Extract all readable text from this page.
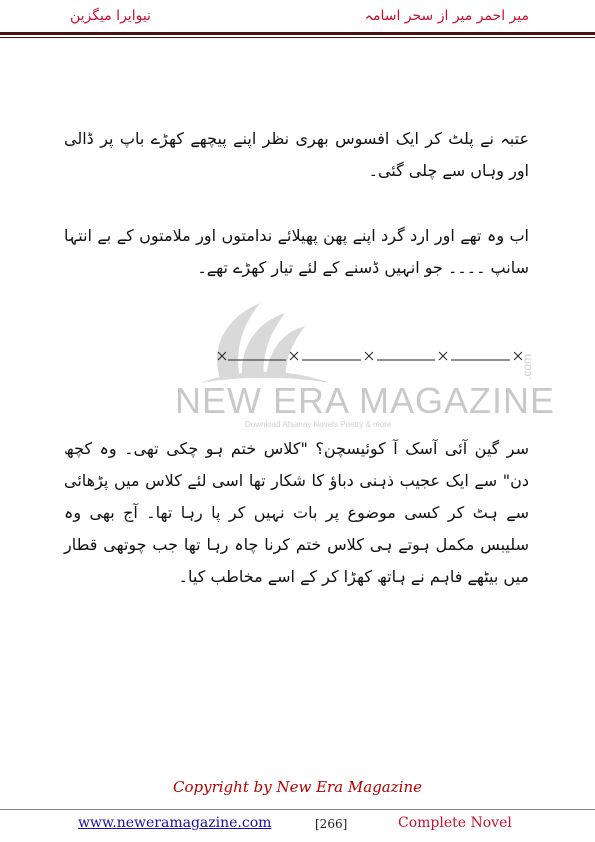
میر احمر میر از سحر اسامہ
نیوایرا میگزین
NEW ERA MAGAZINE
Download Afsanay Novels Poetry & more
.com

عتبہ نے پلٹ کر ایک افسوس بھری نظر اپنے پیچھے کھڑے باپ پر ڈالی اور وہاں سے چلی گئی۔

اب وہ تھے اور ارد گرد اپنے پھن پھیلائے ندامتوں اور ملامتوں کے بے انتہا سانپ ۔۔۔۔ جو انہیں ڈسنے کے لئے تیار کھڑے تھے۔

سر گین آئی آسک آ کوئیسچن؟ "کلاس ختم ہو چکی تھی۔ وہ کچھ دن" سے ایک عجیب ذہنی دباؤ کا شکار تھا اسی لئے کلاس میں پڑھائی سے ہٹ کر کسی موضوع پر بات نہیں کر پا رہا تھا۔ آج بھی وہ سلیبس مکمل ہوتے ہی کلاس ختم کرنا چاہ رہا تھا جب چوتھی قطار میں بیٹھے فاہم نے ہاتھ کھڑا کر کے اسے مخاطب کیا۔

Copyright by New Era Magazine
www.neweramagazine.com	[266]	Complete Novel
